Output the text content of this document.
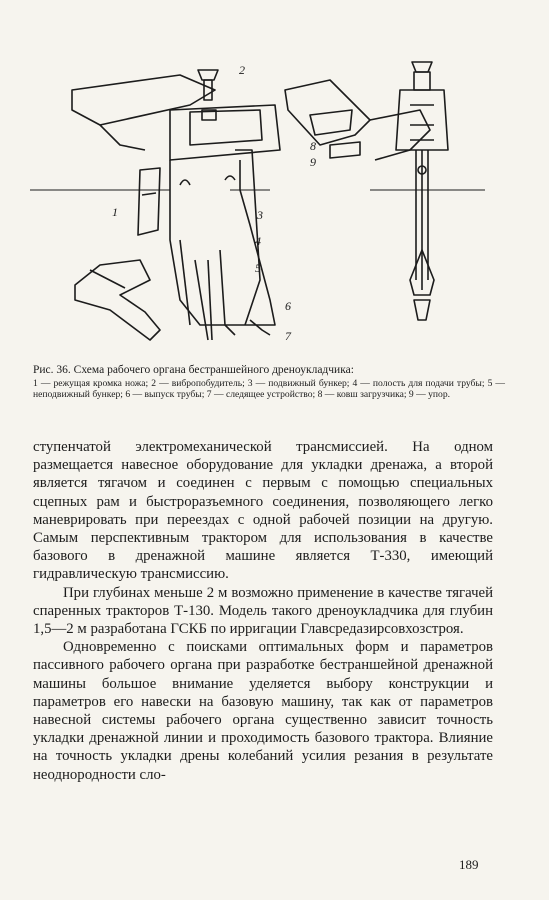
1
2
3
4
5
6
7
8
9
Рис. 36. Схема рабочего органа бестраншейного дреноукладчика:
1 — режущая кромка ножа; 2 — вибропобудитель; 3 — подвижный бункер; 4 — полость для подачи трубы; 5 — неподвижный бункер; 6 — выпуск трубы; 7 — следящее устройство; 8 — ковш загрузчика; 9 — упор.

ступенчатой электромеханической трансмиссией. На одном размещается навесное оборудование для укладки дренажа, а второй является тягачом и соединен с первым с помощью специальных сцепных рам и быстроразъемного соединения, позволяющего легко маневрировать при переездах с одной рабочей позиции на другую. Самым перспективным трактором для использования в качестве базового в дренажной машине является Т-330, имеющий гидравлическую трансмиссию.

При глубинах меньше 2 м возможно применение в качестве тягачей спаренных тракторов Т-130. Модель такого дреноукладчика для глубин 1,5—2 м разработана ГСКБ по ирригации Главсредазирсовхозстроя.

Одновременно с поисками оптимальных форм и параметров пассивного рабочего органа при разработке бестраншейной дренажной машины большое внимание уделяется выбору конструкции и параметров его навески на базовую машину, так как от параметров навесной системы рабочего органа существенно зависит точность укладки дренажной линии и проходимость базового трактора. Влияние на точность укладки дрены колебаний усилия резания в результате неоднородности сло-

189
